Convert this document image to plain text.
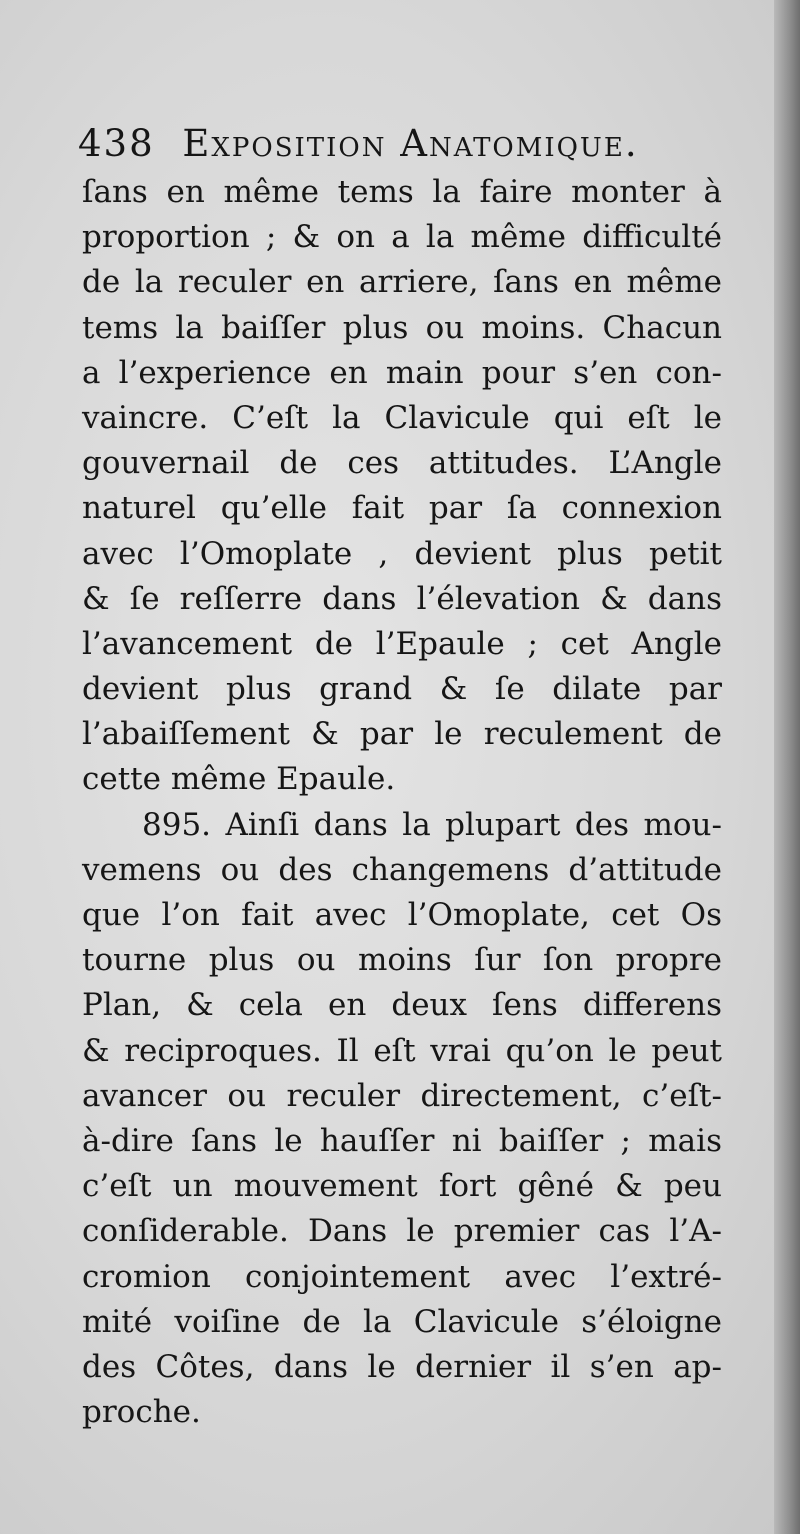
438 Exposition Anatomique.
ſans en même tems la faire monter à
proportion ; & on a la même difficulté
de la reculer en arriere, ſans en même
tems la baiſſer plus ou moins. Chacun
a l’experience en main pour s’en con-
vaincre. C’eſt la Clavicule qui eſt le
gouvernail de ces attitudes. L’Angle
naturel qu’elle fait par ſa connexion
avec l’Omoplate , devient plus petit
& ſe reſſerre dans l’élevation & dans
l’avancement de l’Epaule ; cet Angle
devient plus grand & ſe dilate par
l’abaiſſement & par le reculement de
cette même Epaule.
895. Ainſi dans la plupart des mou-
vemens ou des changemens d’attitude
que l’on fait avec l’Omoplate, cet Os
tourne plus ou moins ſur ſon propre
Plan, & cela en deux ſens differens
& reciproques. Il eſt vrai qu’on le peut
avancer ou reculer directement, c’eſt-
à-dire ſans le hauſſer ni baiſſer ; mais
c’eſt un mouvement fort gêné & peu
conſiderable. Dans le premier cas l’A-
cromion conjointement avec l’extré-
mité voiſine de la Clavicule s’éloigne
des Côtes, dans le dernier il s’en ap-
proche.
